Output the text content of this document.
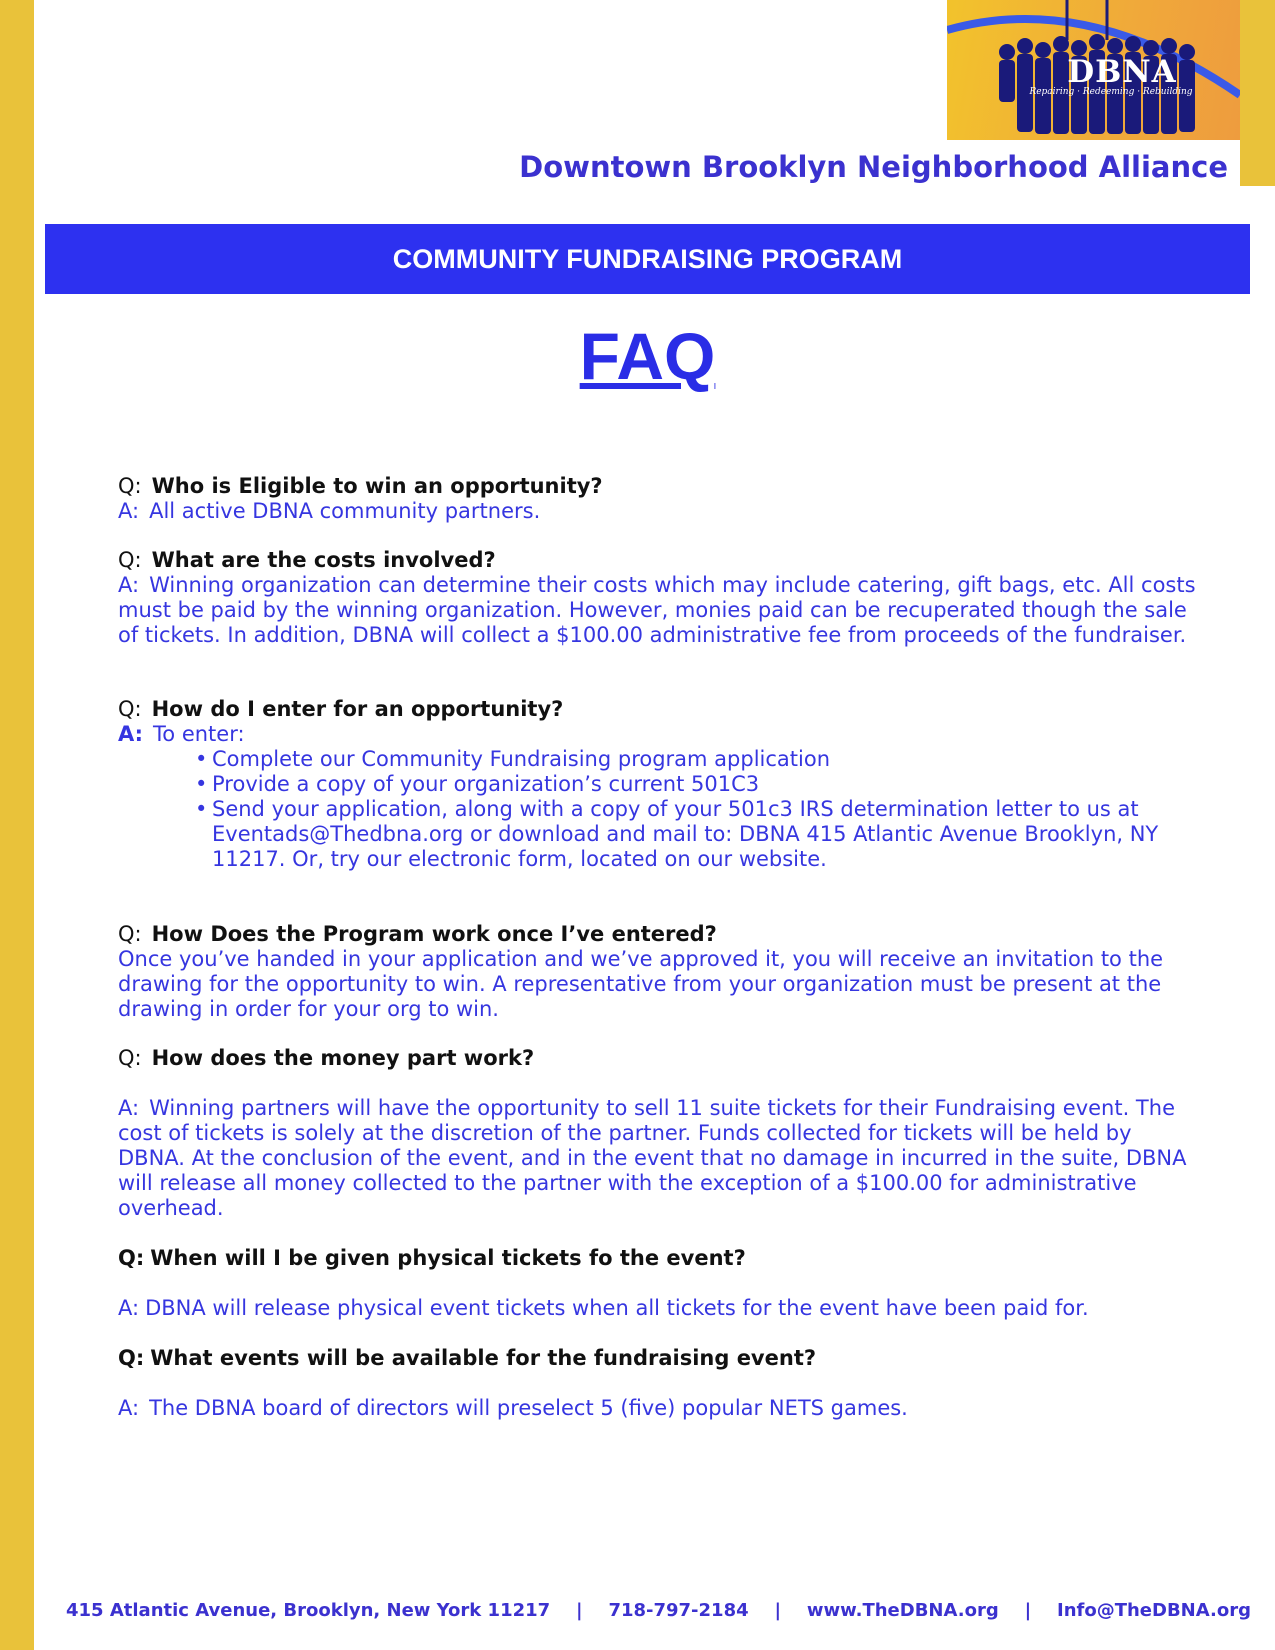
DBNA
Repairing · Redeeming · Rebuilding
Downtown Brooklyn Neighborhood Alliance
COMMUNITY FUNDRAISING PROGRAM
FAQ

Q: Who is Eligible to win an opportunity?

A: All active DBNA community partners.

Q: What are the costs involved?

A: Winning organization can determine their costs which may include catering, gift bags, etc. All costs must be paid by the winning organization. However, monies paid can be recuperated though the sale of tickets. In addition, DBNA will collect a $100.00 administrative fee from proceeds of the fundraiser.

Q: How do I enter for an opportunity?

A: To enter:

• Complete our Community Fundraising program application
• Provide a copy of your organization’s current 501C3
• Send your application, along with a copy of your 501c3 IRS determination letter to us at Eventads@Thedbna.org or download and mail to: DBNA 415 Atlantic Avenue Brooklyn, NY 11217. Or, try our electronic form, located on our website.

Q: How Does the Program work once I’ve entered?

Once you’ve handed in your application and we’ve approved it, you will receive an invitation to the drawing for the opportunity to win. A representative from your organization must be present at the drawing in order for your org to win.

Q: How does the money part work?

A: Winning partners will have the opportunity to sell 11 suite tickets for their Fundraising event. The cost of tickets is solely at the discretion of the partner. Funds collected for tickets will be held by DBNA. At the conclusion of the event, and in the event that no damage in incurred in the suite, DBNA will release all money collected to the partner with the exception of a $100.00 for administrative overhead.

Q: When will I be given physical tickets fo the event?

A: DBNA will release physical event tickets when all tickets for the event have been paid for.

Q: What events will be available for the fundraising event?

A: The DBNA board of directors will preselect 5 (five) popular NETS games.

415 Atlantic Avenue, Brooklyn, New York 11217 | 718-797-2184 | www.TheDBNA.org | Info@TheDBNA.org
